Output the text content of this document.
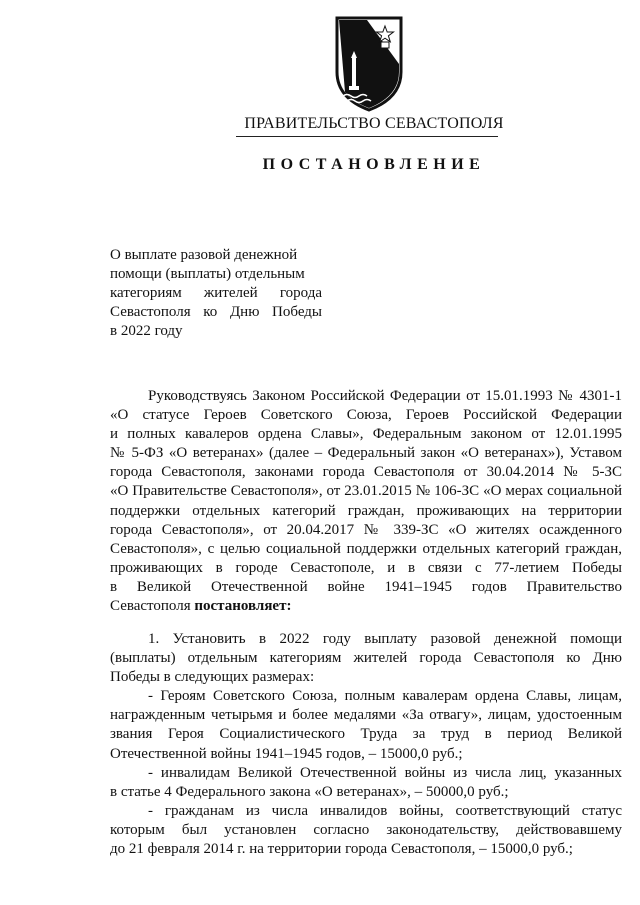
ПРАВИТЕЛЬСТВО СЕВАСТОПОЛЯ
ПОСТАНОВЛЕНИЕ
О выплате разовой денежной
помощи (выплаты) отдельным
категориям жителей города
Севастополя ко Дню Победы
в 2022 году
Руководствуясь Законом Российской Федерации от 15.01.1993 № 4301-1
«О статусе Героев Советского Союза, Героев Российской Федерации
и полных кавалеров ордена Славы», Федеральным законом от 12.01.1995
№ 5-ФЗ «О ветеранах» (далее – Федеральный закон «О ветеранах»), Уставом
города Севастополя, законами города Севастополя от 30.04.2014 № 5-ЗС
«О Правительстве Севастополя», от 23.01.2015 № 106-ЗС «О мерах социальной
поддержки отдельных категорий граждан, проживающих на территории
города Севастополя», от 20.04.2017 № 339-ЗС «О жителях осажденного
Севастополя», с целью социальной поддержки отдельных категорий граждан,
проживающих в городе Севастополе, и в связи с 77-летием Победы
в Великой Отечественной войне 1941–1945 годов Правительство
Севастополя постановляет:
1. Установить в 2022 году выплату разовой денежной помощи
(выплаты) отдельным категориям жителей города Севастополя ко Дню
Победы в следующих размерах:
- Героям Советского Союза, полным кавалерам ордена Славы, лицам,
награжденным четырьмя и более медалями «За отвагу», лицам, удостоенным
звания Героя Социалистического Труда за труд в период Великой
Отечественной войны 1941–1945 годов, – 15000,0 руб.;
- инвалидам Великой Отечественной войны из числа лиц, указанных
в статье 4 Федерального закона «О ветеранах», – 50000,0 руб.;
- гражданам из числа инвалидов войны, соответствующий статус
которым был установлен согласно законодательству, действовавшему
до 21 февраля 2014 г. на территории города Севастополя, – 15000,0 руб.;
